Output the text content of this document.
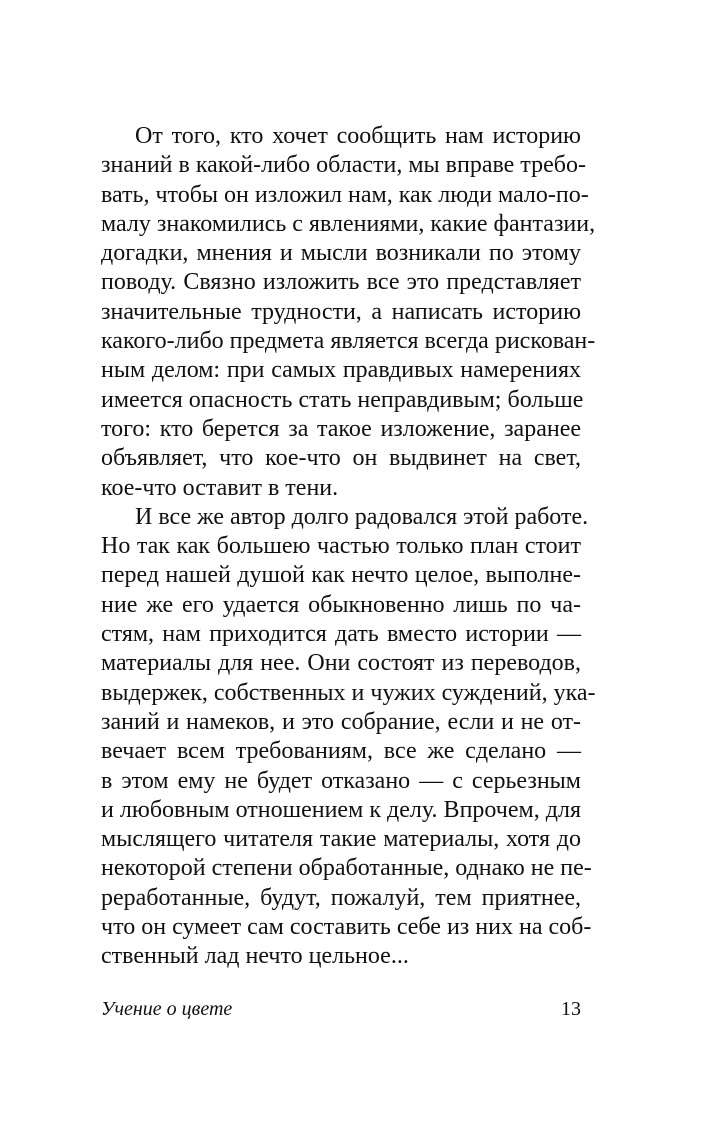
От того, кто хочет сообщить нам историю
знаний в какой-либо области, мы вправе требо-
вать, чтобы он изложил нам, как люди мало-по-
малу знакомились с явлениями, какие фантазии,
догадки, мнения и мысли возникали по этому
поводу. Связно изложить все это представляет
значительные трудности, а написать историю
какого-либо предмета является всегда рискован-
ным делом: при самых правдивых намерениях
имеется опасность стать неправдивым; больше
того: кто берется за такое изложение, заранее
объявляет, что кое-что он выдвинет на свет,
кое-что оставит в тени.
И все же автор долго радовался этой работе.
Но так как большею частью только план стоит
перед нашей душой как нечто целое, выполне-
ние же его удается обыкновенно лишь по ча-
стям, нам приходится дать вместо истории —
материалы для нее. Они состоят из переводов,
выдержек, собственных и чужих суждений, ука-
заний и намеков, и это собрание, если и не от-
вечает всем требованиям, все же сделано —
в этом ему не будет отказано — с серьезным
и любовным отношением к делу. Впрочем, для
мыслящего читателя такие материалы, хотя до
некоторой степени обработанные, однако не пе-
реработанные, будут, пожалуй, тем приятнее,
что он сумеет сам составить себе из них на соб-
ственный лад нечто цельное...
Учение о цвете	13
